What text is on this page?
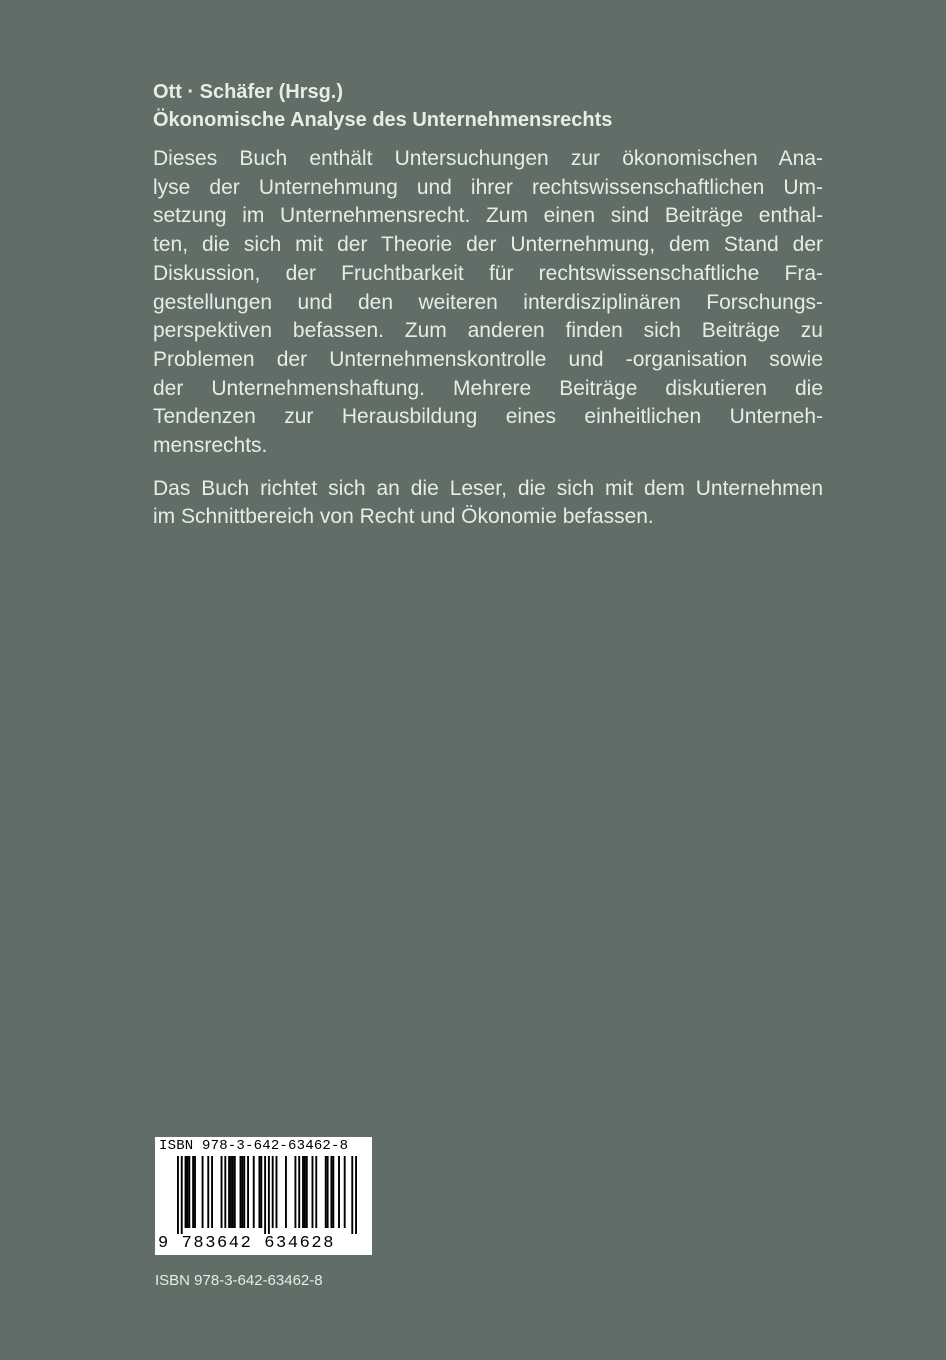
Ott · Schäfer (Hrsg.)
Ökonomische Analyse des Unternehmensrechts

Dieses Buch enthält Untersuchungen zur ökonomischen Ana-
lyse der Unternehmung und ihrer rechtswissenschaftlichen Um-
setzung im Unternehmensrecht. Zum einen sind Beiträge enthal-
ten, die sich mit der Theorie der Unternehmung, dem Stand der
Diskussion, der Fruchtbarkeit für rechtswissenschaftliche Fra-
gestellungen und den weiteren interdisziplinären Forschungs-
perspektiven befassen. Zum anderen finden sich Beiträge zu
Problemen der Unternehmenskontrolle und -organisation sowie
der Unternehmenshaftung. Mehrere Beiträge diskutieren die
Tendenzen zur Herausbildung eines einheitlichen Unterneh-
mensrechts.

Das Buch richtet sich an die Leser, die sich mit dem Unternehmen
im Schnittbereich von Recht und Ökonomie befassen.

ISBN 978-3-642-63462-8
9 783642 634628
ISBN 978-3-642-63462-8
